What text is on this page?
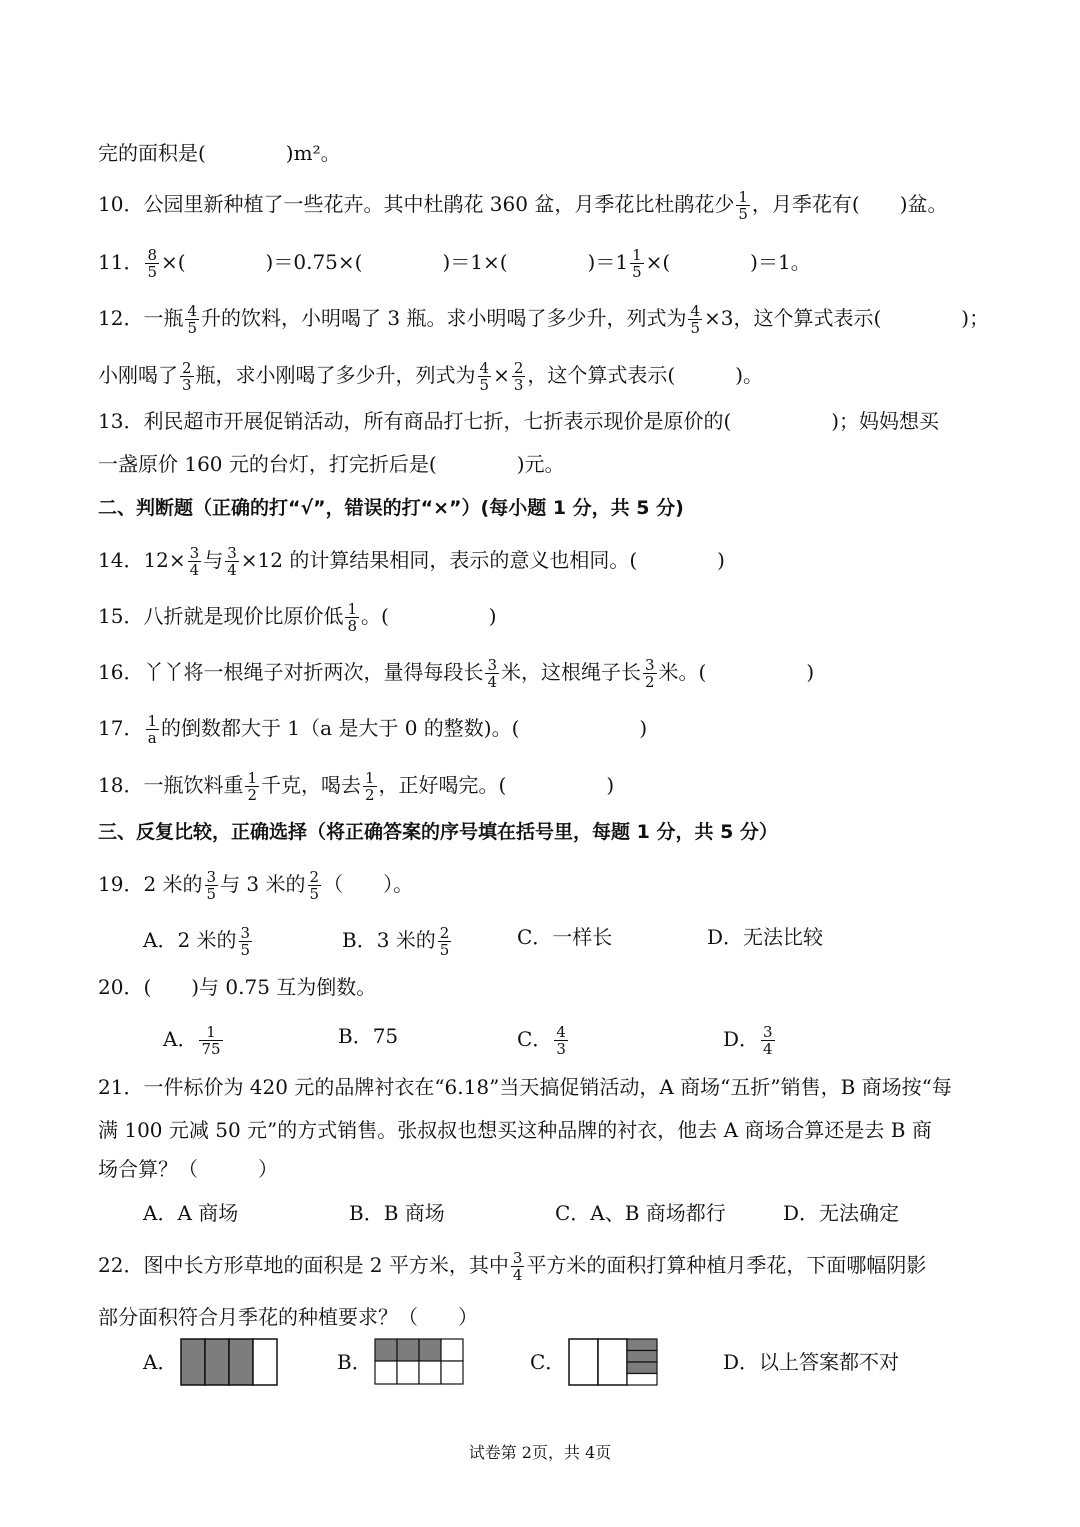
完的面积是(　　　　)m²。
10．公园里新种植了一些花卉。其中杜鹃花 360 盆，月季花比杜鹃花少 $\frac{1}{5}$ ，月季花有(　　)盆。
11． $\frac{8}{5}$ ×(　　　　)＝0.75×(　　　　)＝1×(　　　　)$=1 \frac{1}{5}$ ×(　　　　)＝1。
12．一瓶 $\frac{4}{5}$ 升的饮料，小明喝了 3 瓶。求小明喝了多少升，列式为 $\frac{4}{5} \times 3$，这个算式表示(　　　　)；
小刚喝了 $\frac{2}{3}$ 瓶，求小刚喝了多少升，列式为 $\frac{4}{5} \times \frac{2}{3}$ ，这个算式表示(　　　)。
13．利民超市开展促销活动，所有商品打七折，七折表示现价是原价的(　　　　　)；妈妈想买
一盏原价 160 元的台灯，打完折后是(　　　　)元。
二、判断题（正确的打“√”，错误的打“×”）(每小题 1 分，共 5 分)
14．$12\times \frac{3}{4}$ 与 $\frac{3}{4} \times 12$ 的计算结果相同，表示的意义也相同。(　　　　)
15．八折就是现价比原价低 $\frac{1}{8}$ 。(　　　　　)
16．丫丫将一根绳子对折两次，量得每段长 $\frac{3}{4}$ 米，这根绳子长 $\frac{3}{2}$ 米。(　　　　　)
17． $\frac{1}{a}$ 的倒数都大于 1（a 是大于 0 的整数)。(　　　　　　)
18．一瓶饮料重 $\frac{1}{2}$ 千克，喝去 $\frac{1}{2}$ ，正好喝完。(　　　　　)
三、反复比较，正确选择（将正确答案的序号填在括号里，每题 1 分，共 5 分）
19．2 米的 $\frac{3}{5}$ 与 3 米的 $\frac{2}{5}$ （　　）。
A．2 米的 $\frac{3}{5}$	B．3 米的 $\frac{2}{5}$	C．一样长	D．无法比较
20．(　　)与 0.75 互为倒数。
A． $\frac{1}{75}$	B．75	C． $\frac{4}{3}$	D． $\frac{3}{4}$
21．一件标价为 420 元的品牌衬衣在“6.18”当天搞促销活动，A 商场“五折”销售，B 商场按“每
满 100 元减 50 元”的方式销售。张叔叔也想买这种品牌的衬衣，他去 A 商场合算还是去 B 商
场合算？（　　　）
A．A 商场	B．B 商场	C．A、B 商场都行	D．无法确定
22．图中长方形草地的面积是 2 平方米，其中 $\frac{3}{4}$ 平方米的面积打算种植月季花，下面哪幅阴影
部分面积符合月季花的种植要求？（　　）
A．	B．	C．	D．以上答案都不对
试卷第 2页，共 4页
